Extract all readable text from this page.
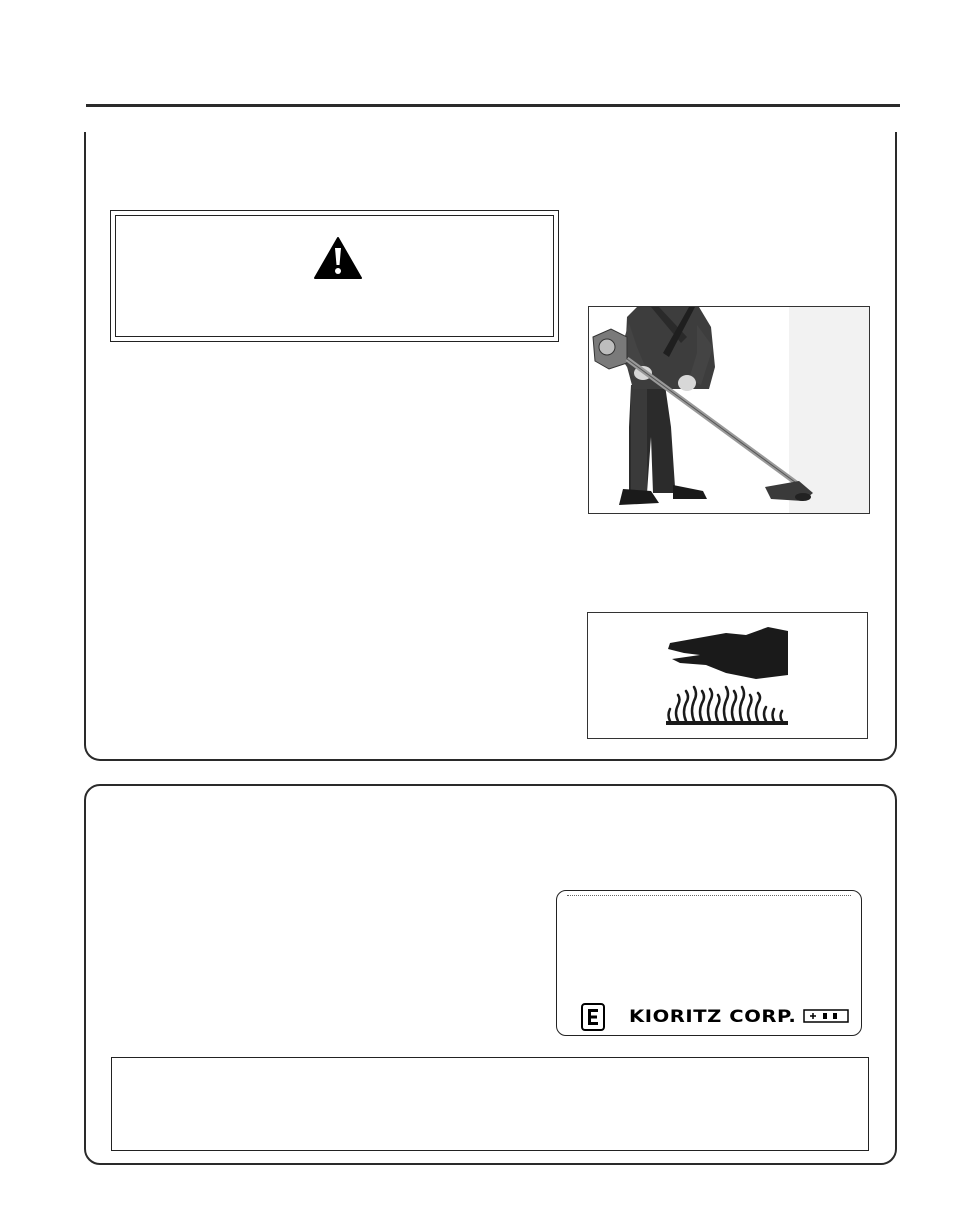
KIORITZ CORP.
